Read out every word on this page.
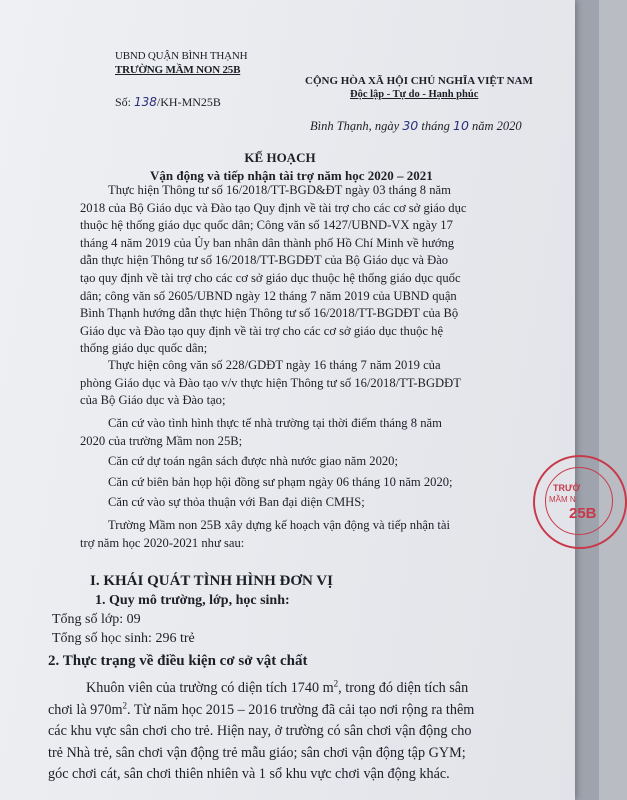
UBND QUẬN BÌNH THẠNH
TRƯỜNG MẦM NON 25B
Số: 138/KH-MN25B
CỘNG HÒA XÃ HỘI CHỦ NGHĨA VIỆT NAM
Độc lập - Tự do - Hạnh phúc
Bình Thạnh, ngày 30 tháng 10 năm 2020
KẾ HOẠCH
Vận động và tiếp nhận tài trợ năm học 2020 – 2021
Thực hiện Thông tư số 16/2018/TT-BGD&ĐT ngày 03 tháng 8 năm
2018 của Bộ Giáo dục và Đào tạo Quy định về tài trợ cho các cơ sở giáo dục
thuộc hệ thống giáo dục quốc dân; Công văn số 1427/UBND-VX ngày 17
tháng 4 năm 2019 của Ủy ban nhân dân thành phố Hồ Chí Minh về hướng
dẫn thực hiện Thông tư số 16/2018/TT-BGDĐT của Bộ Giáo dục và Đào
tạo quy định về tài trợ cho các cơ sở giáo dục thuộc hệ thống giáo dục quốc
dân; công văn số 2605/UBND ngày 12 tháng 7 năm 2019 của UBND quận
Bình Thạnh hướng dẫn thực hiện Thông tư số 16/2018/TT-BGDĐT của Bộ
Giáo dục và Đào tạo quy định về tài trợ cho các cơ sở giáo dục thuộc hệ
thống giáo dục quốc dân;
Thực hiện công văn số 228/GDĐT ngày 16 tháng 7 năm 2019 của
phòng Giáo dục và Đào tạo v/v thực hiện Thông tư số 16/2018/TT-BGDĐT
của Bộ Giáo dục và Đào tạo;
Căn cứ vào tình hình thực tế nhà trường tại thời điểm tháng 8 năm
2020 của trường Mầm non 25B;
Căn cứ dự toán ngân sách được nhà nước giao năm 2020;
Căn cứ biên bản họp hội đồng sư phạm ngày 06 tháng 10 năm 2020;
Căn cứ vào sự thỏa thuận với Ban đại diện CMHS;
Trường Mầm non 25B xây dựng kế hoạch vận động và tiếp nhận tài
trợ năm học 2020-2021 như sau:
I. KHÁI QUÁT TÌNH HÌNH ĐƠN VỊ
1. Quy mô trường, lớp, học sinh:
Tổng số lớp: 09
Tổng số học sinh: 296 trẻ
2. Thực trạng về điều kiện cơ sở vật chất
Khuôn viên của trường có diện tích 1740 $m^2$, trong đó diện tích sân
chơi là $970m^2$. Từ năm học 2015 – 2016 trường đã cải tạo nơi rộng ra thêm
các khu vực sân chơi cho trẻ. Hiện nay, ở trường có sân chơi vận động cho
trẻ Nhà trẻ, sân chơi vận động trẻ mẫu giáo; sân chơi vận động tập GYM;
góc chơi cát, sân chơi thiên nhiên và 1 sổ khu vực chơi vận động khác.
TRƯỜ
MẦM N
25B
